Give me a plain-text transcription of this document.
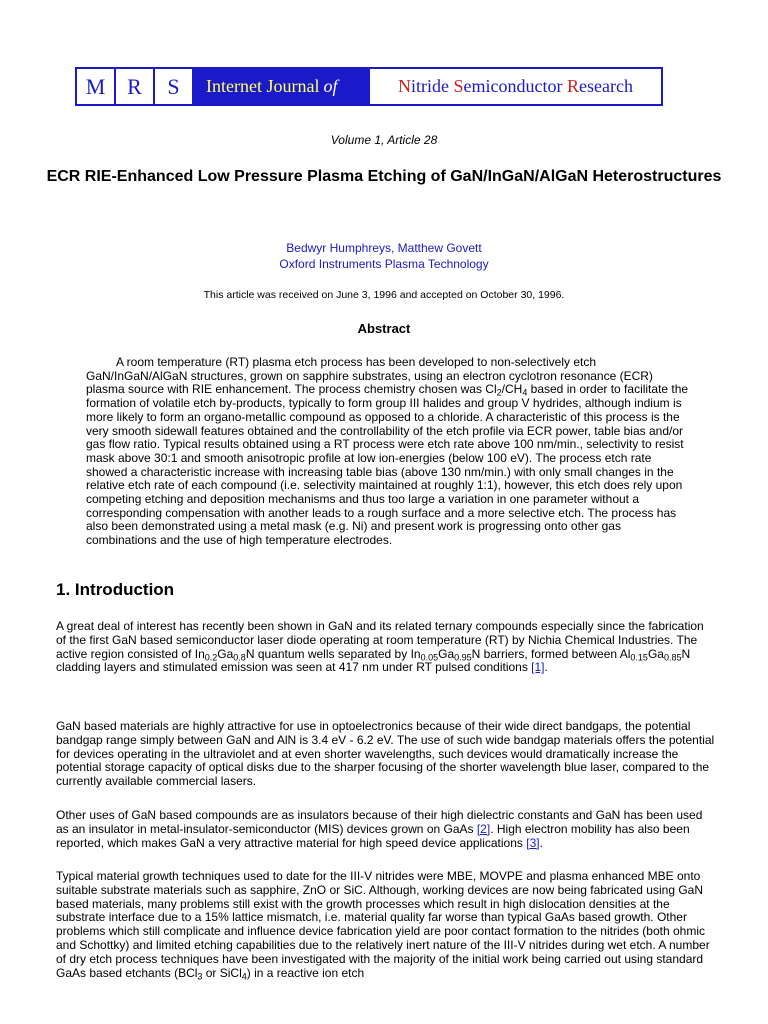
M R	S	Internet
Journal of	N itride
S emiconductor
R esearch
Volume 1, Article 28
ECR RIE-Enhanced Low Pressure Plasma Etching of GaN/InGaN/AlGaN Heterostructures
Bedwyr Humphreys, Matthew Govett
Oxford Instruments Plasma Technology
This article was received on June 3, 1996 and accepted on October 30, 1996.
Abstract

A room temperature (RT) plasma etch process has been developed to non-selectively etch GaN/InGaN/AlGaN structures, grown on sapphire substrates, using an electron cyclotron resonance (ECR) plasma source with RIE enhancement. The process chemistry chosen was $Cl_2/CH_4$ based in order to facilitate the formation of volatile etch by-products, typically to form group III halides and group V hydrides, although indium is more likely to form an organo-metallic compound as opposed to a chloride. A characteristic of this process is the very smooth sidewall features obtained and the controllability of the etch profile via ECR power, table bias and/or gas flow ratio. Typical results obtained using a RT process were etch rate above 100 nm/min., selectivity to resist mask above 30:1 and smooth anisotropic profile at low ion-energies (below 100 eV). The process etch rate showed a characteristic increase with increasing table bias (above 130 nm/min.) with only small changes in the relative etch rate of each compound (i.e. selectivity maintained at roughly 1:1), however, this etch does rely upon competing etching and deposition mechanisms and thus too large a variation in one parameter without a corresponding compensation with another leads to a rough surface and a more selective etch. The process has also been demonstrated using a metal mask (e.g. Ni) and present work is progressing onto other gas combinations and the use of high temperature electrodes.

1. Introduction

A great deal of interest has recently been shown in GaN and its related ternary compounds especially since the fabrication of the first GaN based semiconductor laser diode operating at room temperature (RT) by Nichia Chemical Industries. The active region consisted of $In_{0.2}Ga_{0.8}N$ quantum wells separated by $In_{0.05}Ga_{0.95}N$ barriers, formed between $Al_{0.15}Ga_{0.85}N$ cladding layers and stimulated emission was seen at 417 nm under RT pulsed conditions [1].

GaN based materials are highly attractive for use in optoelectronics because of their wide direct bandgaps, the potential bandgap range simply between GaN and AlN is 3.4 eV - 6.2 eV. The use of such wide bandgap materials offers the potential for devices operating in the ultraviolet and at even shorter wavelengths, such devices would dramatically increase the potential storage capacity of optical disks due to the sharper focusing of the shorter wavelength blue laser, compared to the currently available commercial lasers.

Other uses of GaN based compounds are as insulators because of their high dielectric constants and GaN has been used as an insulator in metal-insulator-semiconductor (MIS) devices grown on GaAs [2]. High electron mobility has also been reported, which makes GaN a very attractive material for high speed device applications [3].

Typical material growth techniques used to date for the III-V nitrides were MBE, MOVPE and plasma enhanced MBE onto suitable substrate materials such as sapphire, ZnO or SiC. Although, working devices are now being fabricated using GaN based materials, many problems still exist with the growth processes which result in high dislocation densities at the substrate interface due to a 15% lattice mismatch, i.e. material quality far worse than typical GaAs based growth. Other problems which still complicate and influence device fabrication yield are poor contact formation to the nitrides (both ohmic and Schottky) and limited etching capabilities due to the relatively inert nature of the III-V nitrides during wet etch. A number of dry etch process techniques have been investigated with the majority of the initial work being carried out using standard GaAs based etchants (BCl$_3$ or SiCl$_4$) in a reactive ion etch
